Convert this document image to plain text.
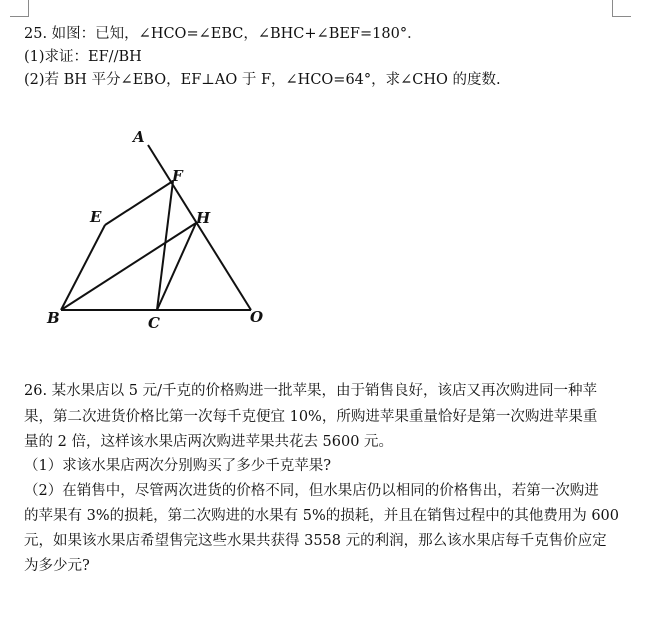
25. 如图：已知，∠HCO=∠EBC，∠BHC+∠BEF=180°．
(1)求证：EF//BH
(2)若 BH 平分∠EBO，EF⊥AO 于 F，∠HCO=64°，求∠CHO 的度数.
A
F
E	H
B	C	O
26. 某水果店以 5 元/千克的价格购进一批苹果，由于销售良好，该店又再次购进同一种苹
果，第二次进货价格比第一次每千克便宜 10%，所购进苹果重量恰好是第一次购进苹果重
量的 2 倍，这样该水果店两次购进苹果共花去 5600 元。
（1）求该水果店两次分别购买了多少千克苹果?
（2）在销售中，尽管两次进货的价格不同，但水果店仍以相同的价格售出，若第一次购进
的苹果有 3%的损耗，第二次购进的水果有 5%的损耗，并且在销售过程中的其他费用为 600
元，如果该水果店希望售完这些水果共获得 3558 元的利润，那么该水果店每千克售价应定
为多少元?
